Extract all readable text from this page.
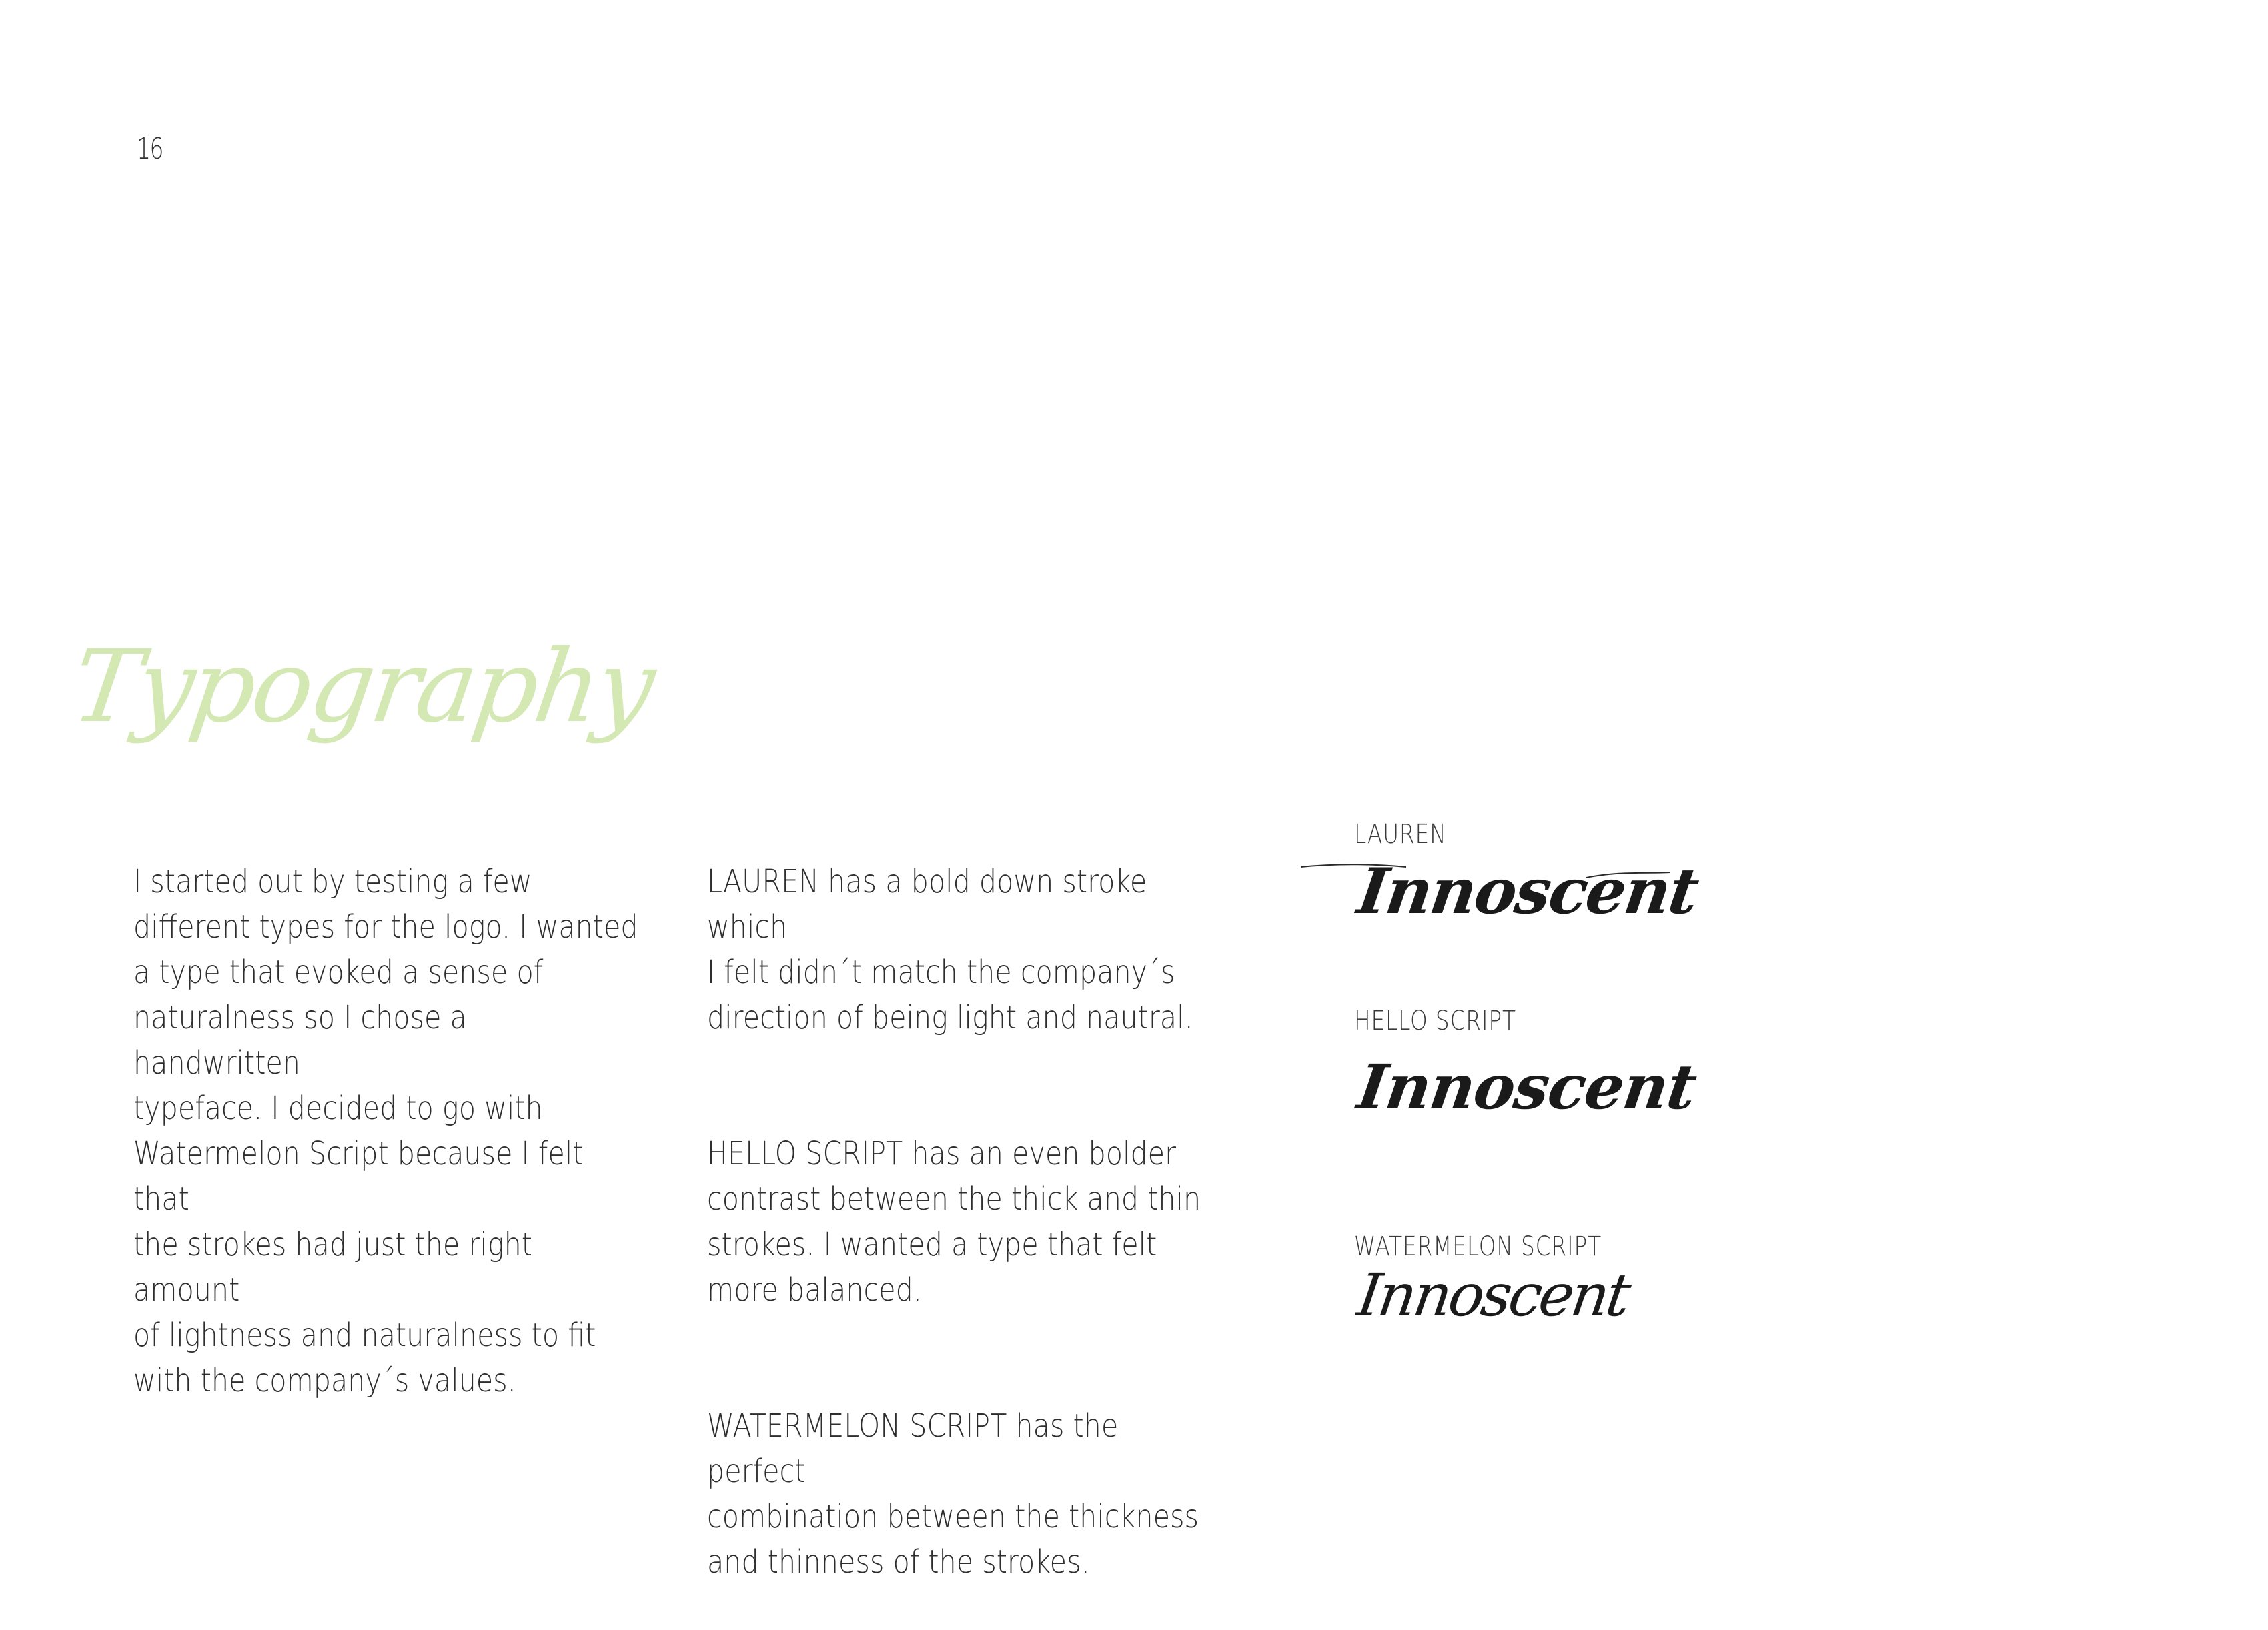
16
Typography

I started out by testing a few
different types for the logo. I wanted
a type that evoked a sense of
naturalness so I chose a handwritten
typeface. I decided to go with
Watermelon Script because I felt that
the strokes had just the right amount
of lightness and naturalness to fit
with the company´s values.

LAUREN has a bold down stroke which
I felt didn´t match the company´s
direction of being light and nautral.

HELLO SCRIPT has an even bolder
contrast between the thick and thin
strokes. I wanted a type that felt
more balanced.

WATERMELON SCRIPT has the perfect
combination between the thickness
and thinness of the strokes.

LAUREN
Innoscent
HELLO SCRIPT
Innoscent
WATERMELON SCRIPT
Innoscent
